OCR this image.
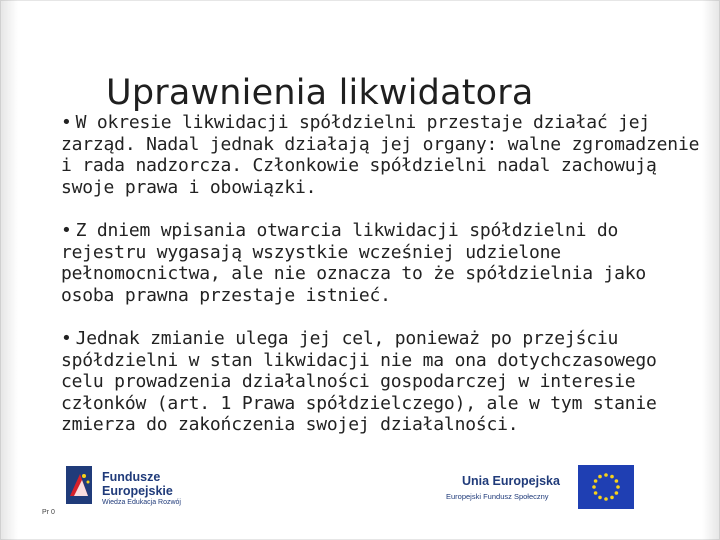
Uprawnienia likwidatora

• W okresie likwidacji spółdzielni przestaje działać jej zarząd. Nadal jednak działają jej organy: walne zgromadzenie i rada nadzorcza. Członkowie spółdzielni nadal zachowują swoje prawa i obowiązki.

• Z dniem wpisania otwarcia likwidacji spółdzielni do rejestru wygasają wszystkie wcześniej udzielone pełnomocnictwa, ale nie oznacza to że spółdzielnia jako osoba prawna przestaje istnieć.

• Jednak zmianie ulega jej cel, ponieważ po przejściu spółdzielni w stan likwidacji nie ma ona dotychczasowego celu prowadzenia działalności gospodarczej w interesie członków (art. 1 Prawa spółdzielczego), ale w tym stanie zmierza do zakończenia swojej działalności.

Fundusze
Europejskie
Wiedza Edukacja Rozwój
Unia Europejska
Europejski Fundusz Społeczny
Pr 0
